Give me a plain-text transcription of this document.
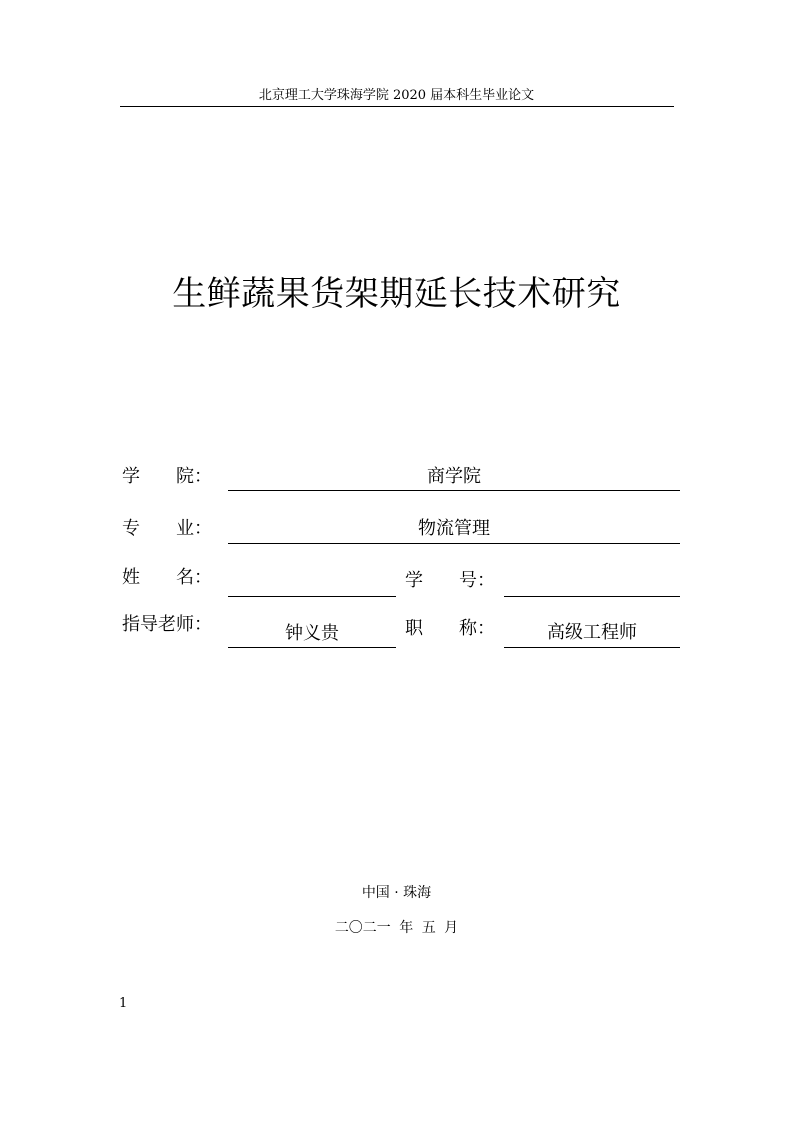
北京理工大学珠海学院 2020 届本科生毕业论文
生鲜蔬果货架期延长技术研究
学　　院：	商学院
专　　业：	物流管理
姓　　名：	学　　号：
指导老师：	钟义贵	职　　称：	高级工程师
中国 · 珠海
二〇二一 年 五 月
1
